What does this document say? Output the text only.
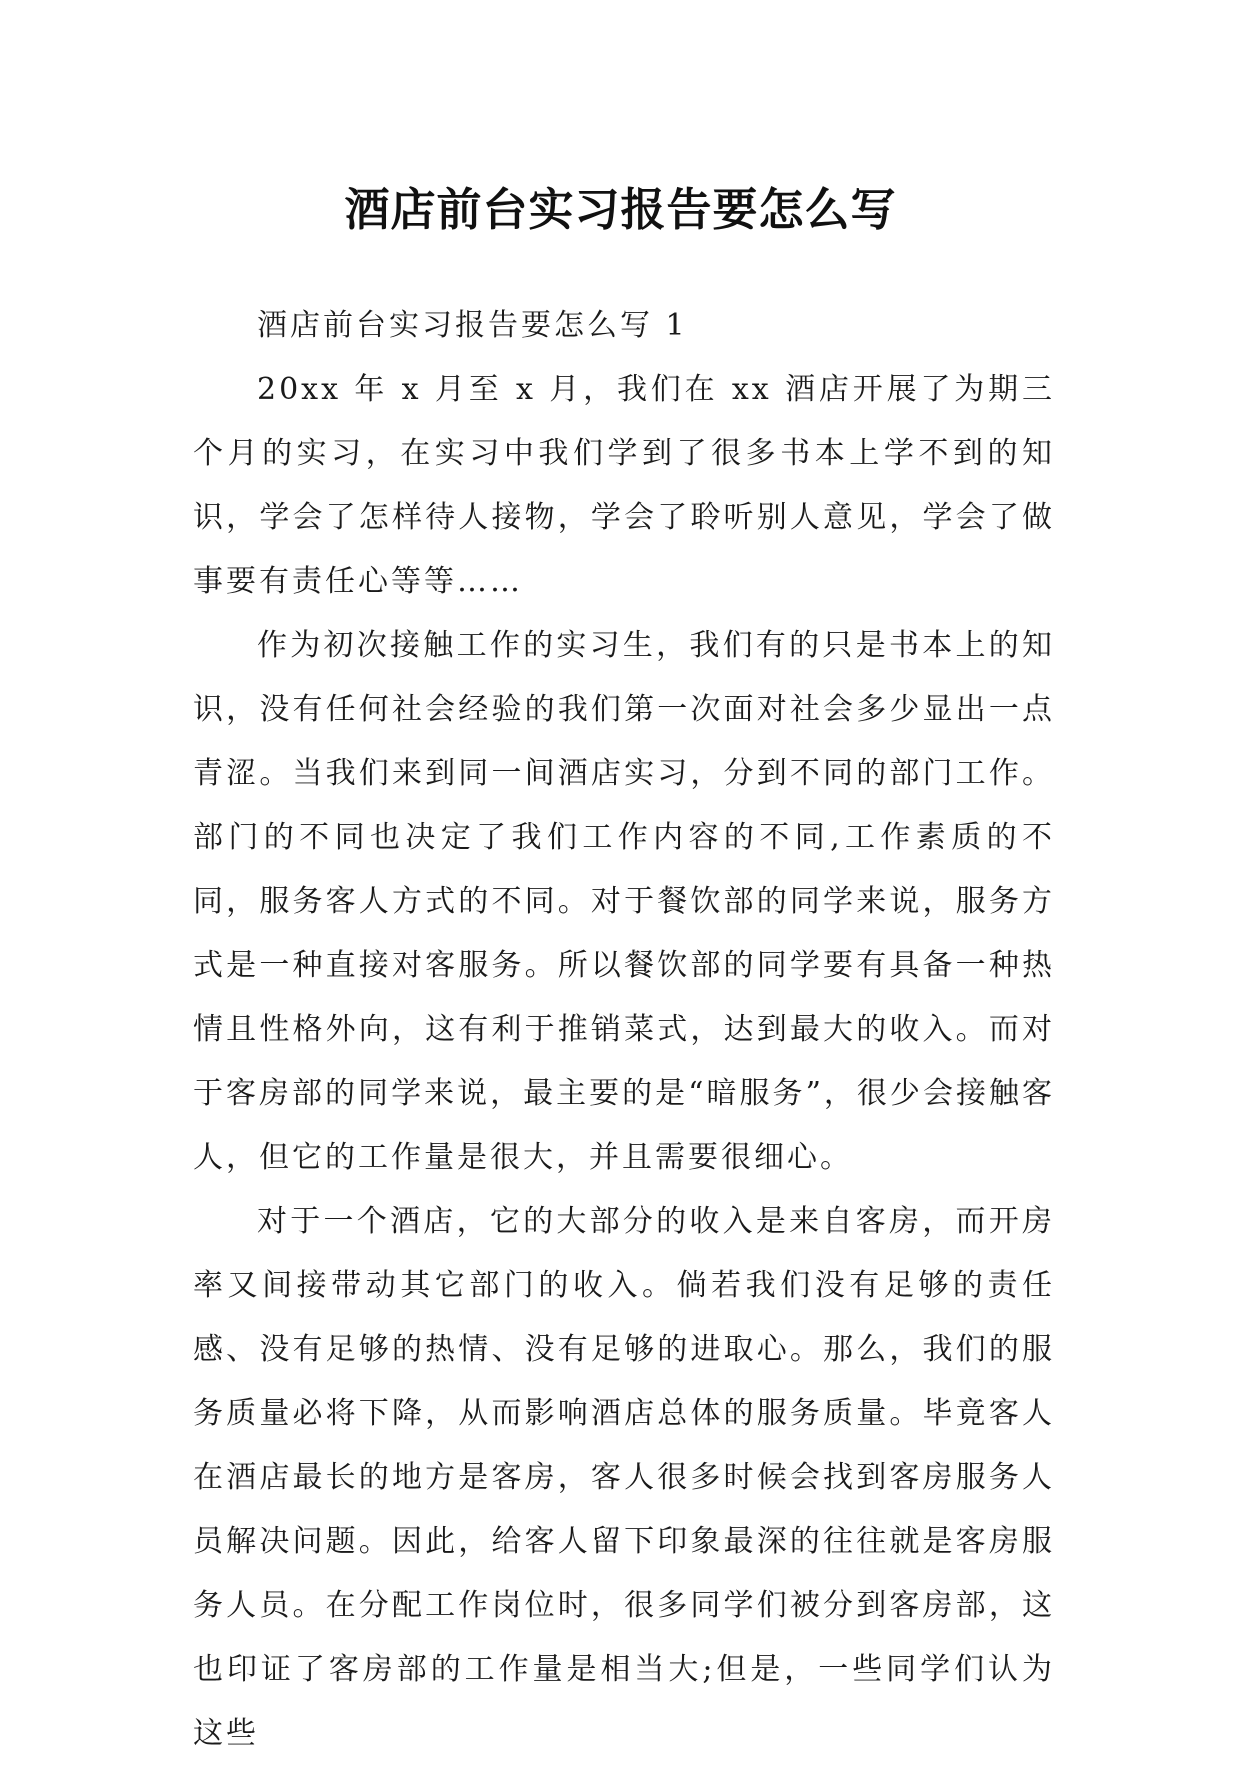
酒店前台实习报告要怎么写

酒店前台实习报告要怎么写 1

20xx 年 x 月至 x 月，我们在 xx 酒店开展了为期三个月的实习，在实习中我们学到了很多书本上学不到的知识，学会了怎样待人接物，学会了聆听别人意见，学会了做事要有责任心等等……

作为初次接触工作的实习生，我们有的只是书本上的知识，没有任何社会经验的我们第一次面对社会多少显出一点青涩。当我们来到同一间酒店实习，分到不同的部门工作。部门的不同也决定了我们工作内容的不同,工作素质的不同，服务客人方式的不同。对于餐饮部的同学来说，服务方式是一种直接对客服务。所以餐饮部的同学要有具备一种热情且性格外向，这有利于推销菜式，达到最大的收入。而对于客房部的同学来说，最主要的是“暗服务”，很少会接触客人，但它的工作量是很大，并且需要很细心。

对于一个酒店，它的大部分的收入是来自客房，而开房率又间接带动其它部门的收入。倘若我们没有足够的责任感、没有足够的热情、没有足够的进取心。那么，我们的服务质量必将下降，从而影响酒店总体的服务质量。毕竟客人在酒店最长的地方是客房，客人很多时候会找到客房服务人员解决问题。因此，给客人留下印象最深的往往就是客房服务人员。在分配工作岗位时，很多同学们被分到客房部，这也印证了客房部的工作量是相当大;但是，一些同学们认为这些
